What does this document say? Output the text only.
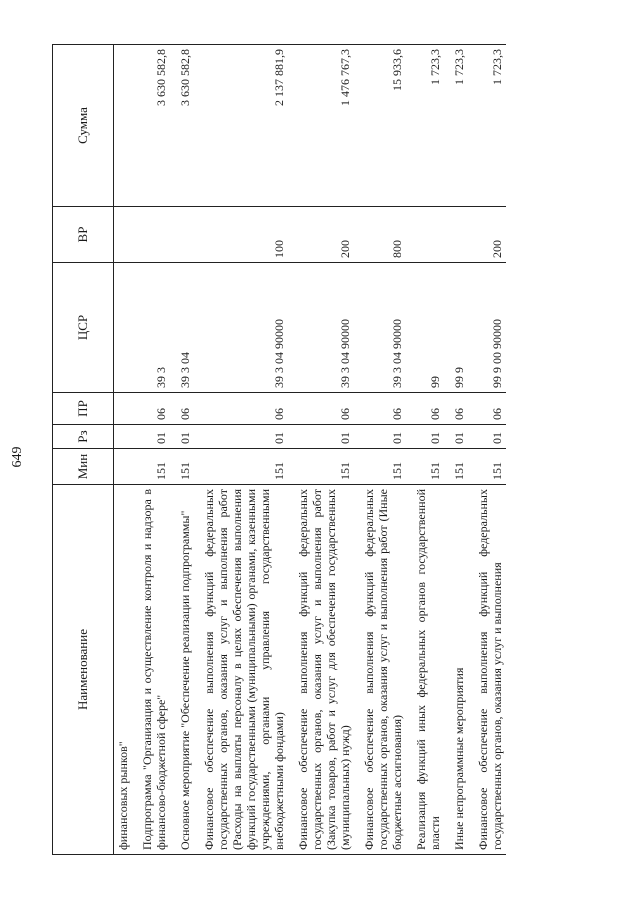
649
Наименование	Мин	Рз	ПР	ЦСР	ВР	Сумма
финансовых рынков"						

Подпрограмма "Организация и осуществление контроля и надзора в финансово-бюджетной сфере"	151	01	06	39 3		3 630 582,8

Основное мероприятие "Обеспечение реализации подпрограммы"	151	01	06	39 3 04		3 630 582,8

Финансовое обеспечение выполнения функций федеральных государственных органов, оказания услуг и выполнения работ (Расходы на выплаты персоналу в целях обеспечения выполнения функций государственными (муниципальными) органами, казенными учреждениями, органами управления государственными внебюджетными фондами)	151	01	06	39 3 04 90000	100	2 137 881,9

Финансовое обеспечение выполнения функций федеральных государственных органов, оказания услуг и выполнения работ (Закупка товаров, работ и услуг для обеспечения государственных (муниципальных) нужд)	151	01	06	39 3 04 90000	200	1 476 767,3

Финансовое обеспечение выполнения функций федеральных государственных органов, оказания услуг и выполнения работ (Иные бюджетные ассигнования)	151	01	06	39 3 04 90000	800	15 933,6

Реализация функций иных федеральных органов государственной власти	151	01	06	99		1 723,3

Иные непрограммные мероприятия	151	01	06	99 9		1 723,3

Финансовое обеспечение выполнения функций федеральных государственных органов, оказания услуг и выполнения	151	01	06	99 9 00 90000	200	1 723,3
